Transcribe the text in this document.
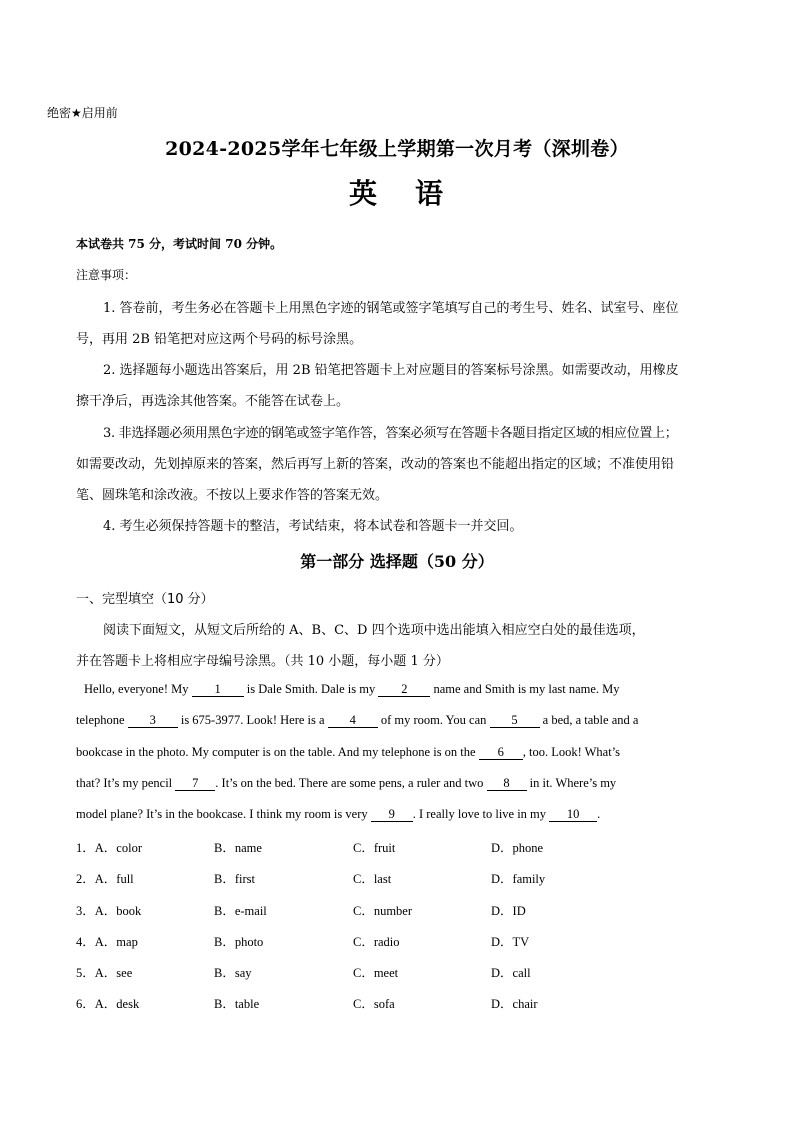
绝密★启用前
2024-2025学年七年级上学期第一次月考（深圳卷）
英 语
本试卷共 75 分，考试时间 70 分钟。
注意事项：
1. 答卷前，考生务必在答题卡上用黑色字迹的钢笔或签字笔填写自己的考生号、姓名、试室号、座位
号，再用 2B 铅笔把对应这两个号码的标号涂黑。
2. 选择题每小题选出答案后，用 2B 铅笔把答题卡上对应题目的答案标号涂黑。如需要改动，用橡皮
擦干净后，再选涂其他答案。不能答在试卷上。
3. 非选择题必须用黑色字迹的钢笔或签字笔作答，答案必须写在答题卡各题目指定区域的相应位置上；
如需要改动，先划掉原来的答案，然后再写上新的答案，改动的答案也不能超出指定的区域；不准使用铅
笔、圆珠笔和涂改液。不按以上要求作答的答案无效。
4. 考生必须保持答题卡的整洁，考试结束，将本试卷和答题卡一并交回。
第一部分 选择题（50 分）
一、完型填空（10 分）
阅读下面短文，从短文后所给的 A、B、C、D 四个选项中选出能填入相应空白处的最佳选项，
并在答题卡上将相应字母编号涂黑。（共 10 小题，每小题 1 分）
Hello, everyone! My 1 is Dale Smith. Dale is my 2 name and Smith is my last name. My
telephone 3 is 675-3977. Look! Here is a 4 of my room. You can 5 a bed, a table and a
bookcase in the photo. My computer is on the table. And my telephone is on the 6 , too. Look! What’s
that? It’s my pencil 7 . It’s on the bed. There are some pens, a ruler and two 8 in it. Where’s my
model plane? It’s in the bookcase. I think my room is very 9 . I really love to live in my 10 .
1．A．color	B．name	C．fruit	D．phone
2．A．full	B．first	C．last	D．family
3．A．book	B．e-mail	C．number	D．ID
4．A．map	B．photo	C．radio	D．TV
5．A．see	B．say	C．meet	D．call
6．A．desk	B．table	C．sofa	D．chair
